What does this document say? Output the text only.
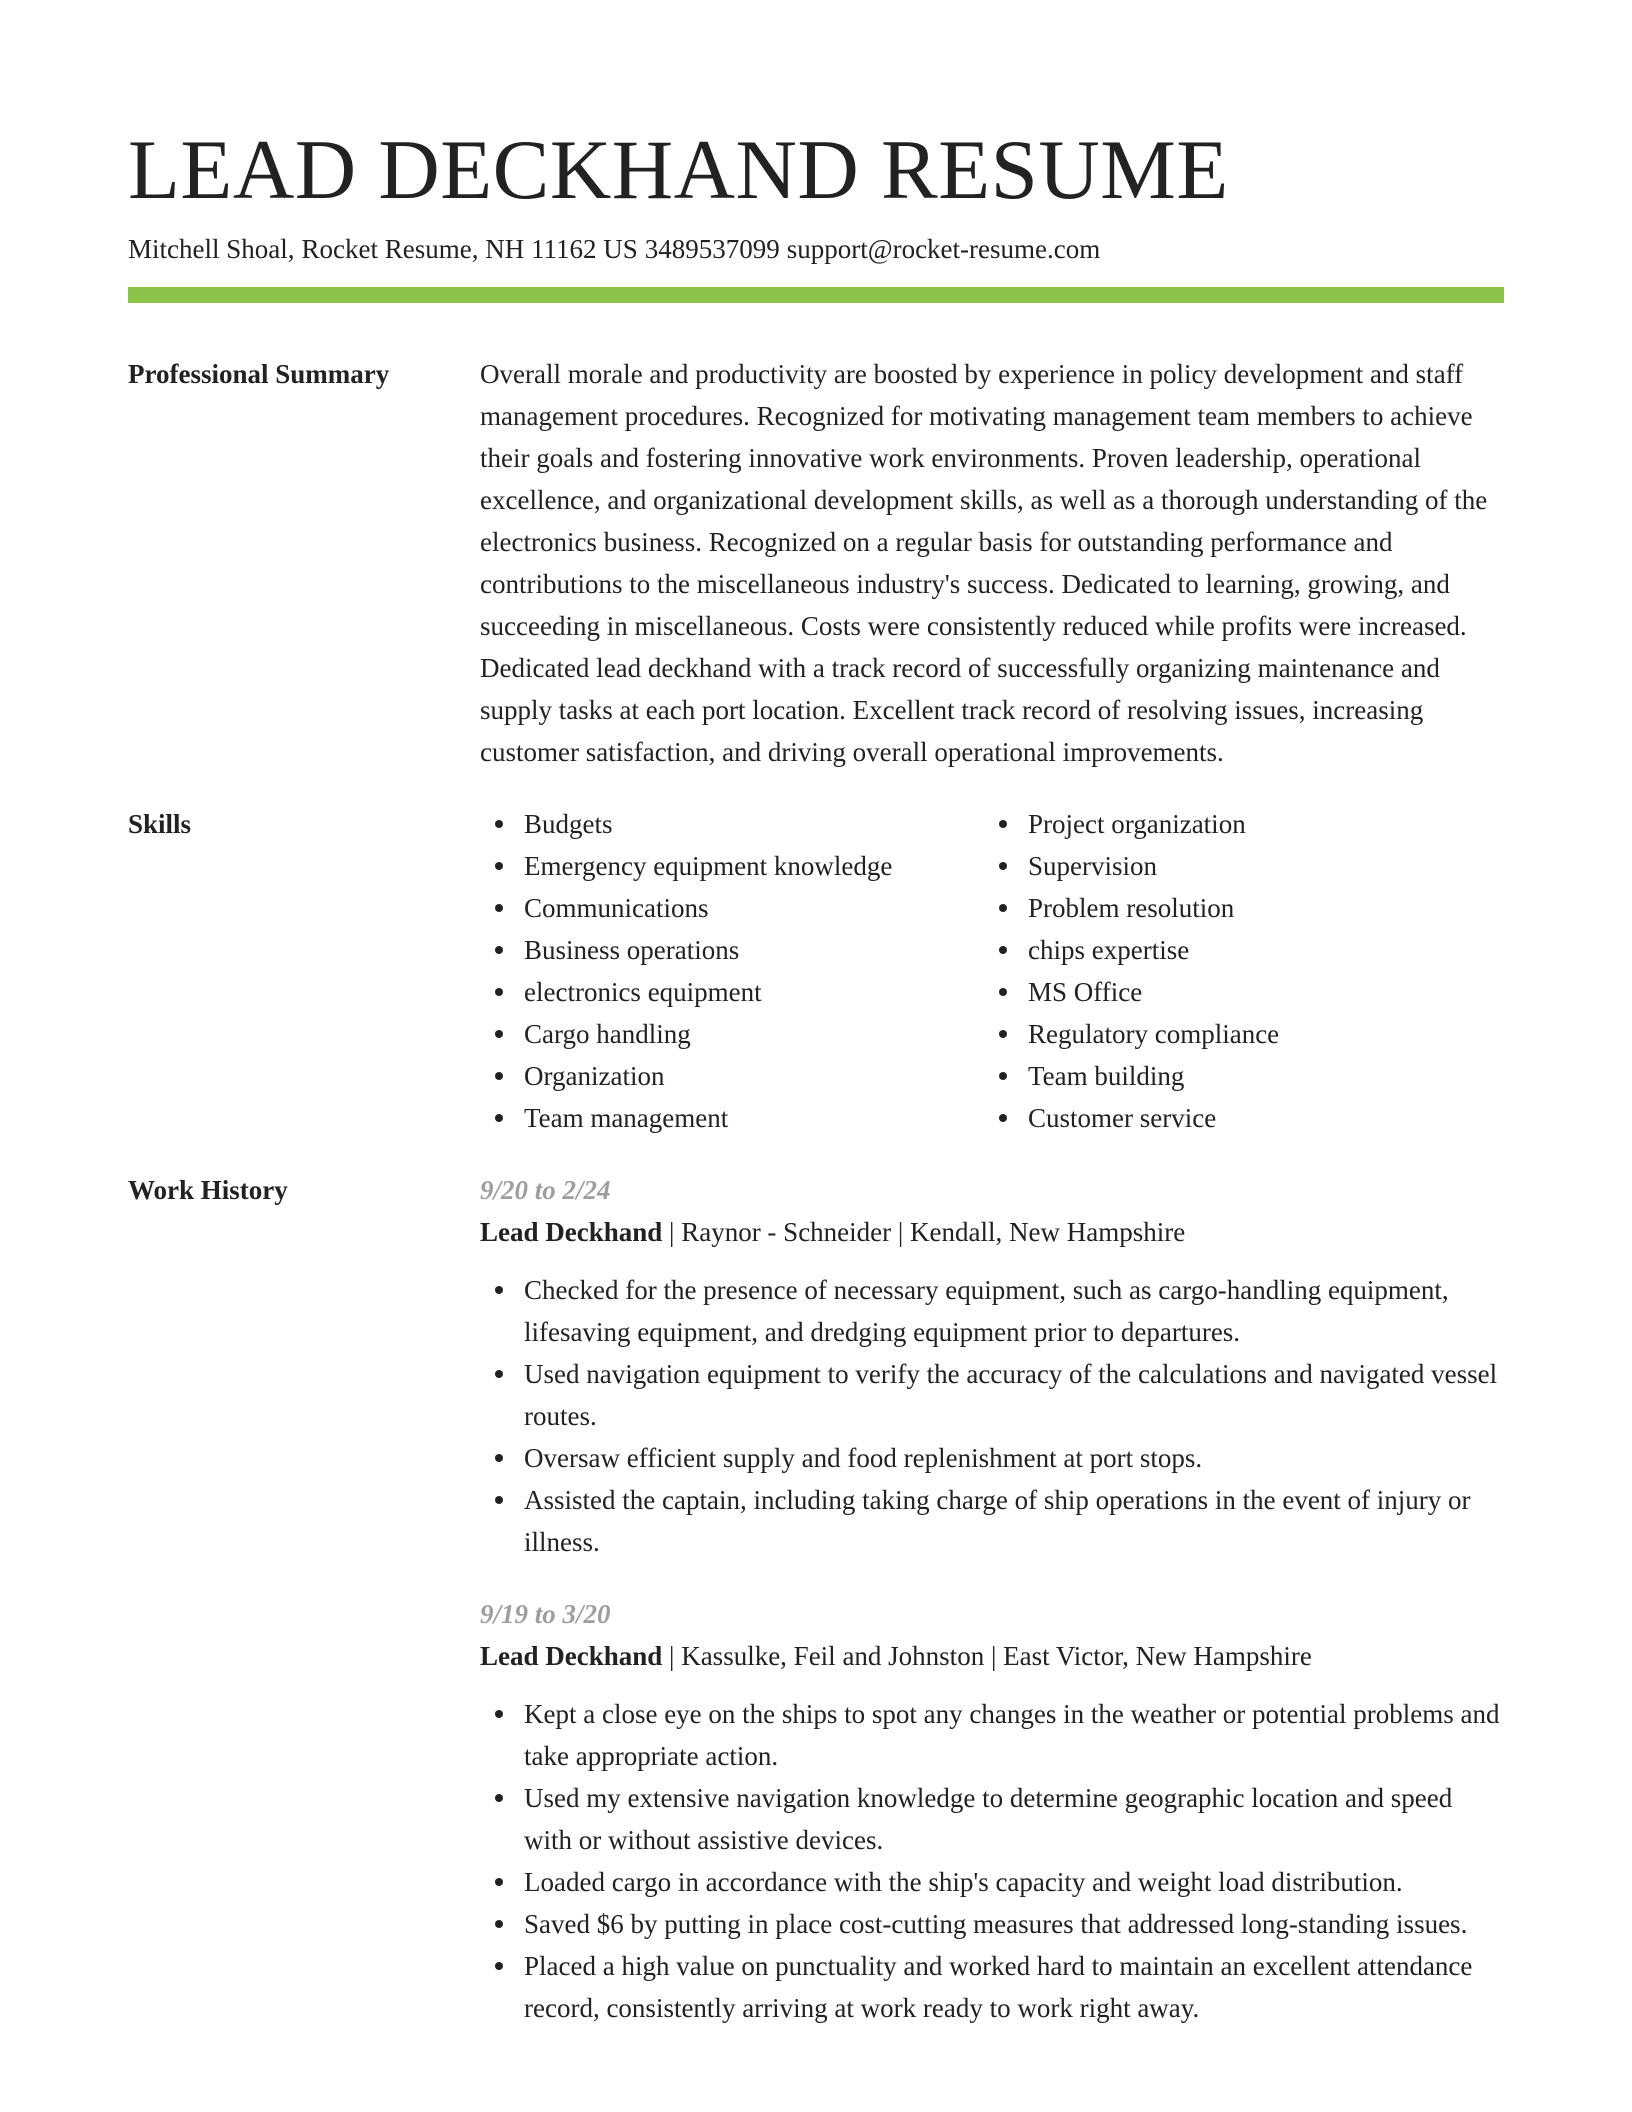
LEAD DECKHAND RESUME
Mitchell Shoal, Rocket Resume, NH 11162 US 3489537099 support@rocket-resume.com
Professional Summary	Overall morale and productivity are boosted by experience in policy development and staff management procedures. Recognized for motivating management team members to achieve their goals and fostering innovative work environments. Proven leadership, operational excellence, and organizational development skills, as well as a thorough understanding of the electronics business. Recognized on a regular basis for outstanding performance and contributions to the miscellaneous industry's success. Dedicated to learning, growing, and succeeding in miscellaneous. Costs were consistently reduced while profits were increased. Dedicated lead deckhand with a track record of successfully organizing maintenance and supply tasks at each port location. Excellent track record of resolving issues, increasing customer satisfaction, and driving overall operational improvements.
Skills	Budgets
Emergency equipment knowledge
Communications
Business operations
electronics equipment
Cargo handling
Organization
Team management
Project organization
Supervision
Problem resolution
chips expertise
MS Office
Regulatory compliance
Team building
Customer service
Work History	9/20 to 2/24
Lead Deckhand | Raynor - Schneider | Kendall, New Hampshire
Checked for the presence of necessary equipment, such as cargo-handling equipment, lifesaving equipment, and dredging equipment prior to departures.
Used navigation equipment to verify the accuracy of the calculations and navigated vessel routes.
Oversaw efficient supply and food replenishment at port stops.
Assisted the captain, including taking charge of ship operations in the event of injury or illness.
9/19 to 3/20
Lead Deckhand | Kassulke, Feil and Johnston | East Victor, New Hampshire
Kept a close eye on the ships to spot any changes in the weather or potential problems and take appropriate action.
Used my extensive navigation knowledge to determine geographic location and speed with or without assistive devices.
Loaded cargo in accordance with the ship's capacity and weight load distribution.
Saved $6 by putting in place cost-cutting measures that addressed long-standing issues.
Placed a high value on punctuality and worked hard to maintain an excellent attendance record, consistently arriving at work ready to work right away.
